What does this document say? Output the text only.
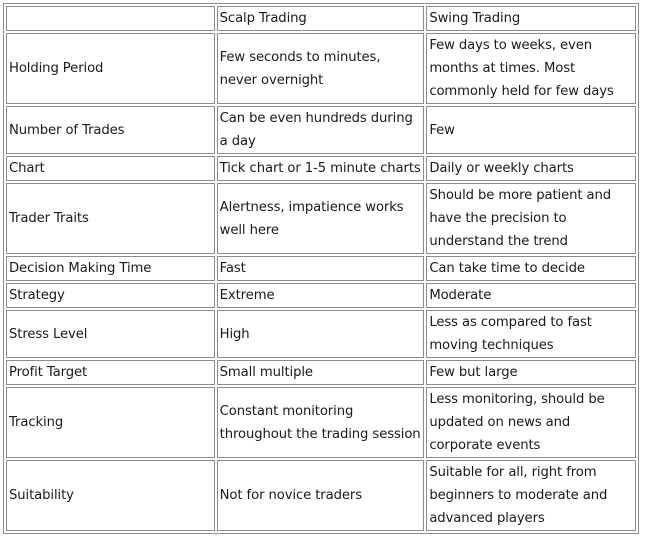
	Scalp Trading	Swing Trading
Holding Period	Few seconds to minutes, never overnight	Few days to weeks, even months at times. Most commonly held for few days
Number of Trades	Can be even hundreds during a day	Few
Chart	Tick chart or 1-5 minute charts	Daily or weekly charts
Trader Traits	Alertness, impatience works well here	Should be more patient and have the precision to understand the trend
Decision Making Time	Fast	Can take time to decide
Strategy	Extreme	Moderate
Stress Level	High	Less as compared to fast moving techniques
Profit Target	Small multiple	Few but large
Tracking	Constant monitoring throughout the trading session	Less monitoring, should be updated on news and corporate events
Suitability	Not for novice traders	Suitable for all, right from beginners to moderate and advanced players
